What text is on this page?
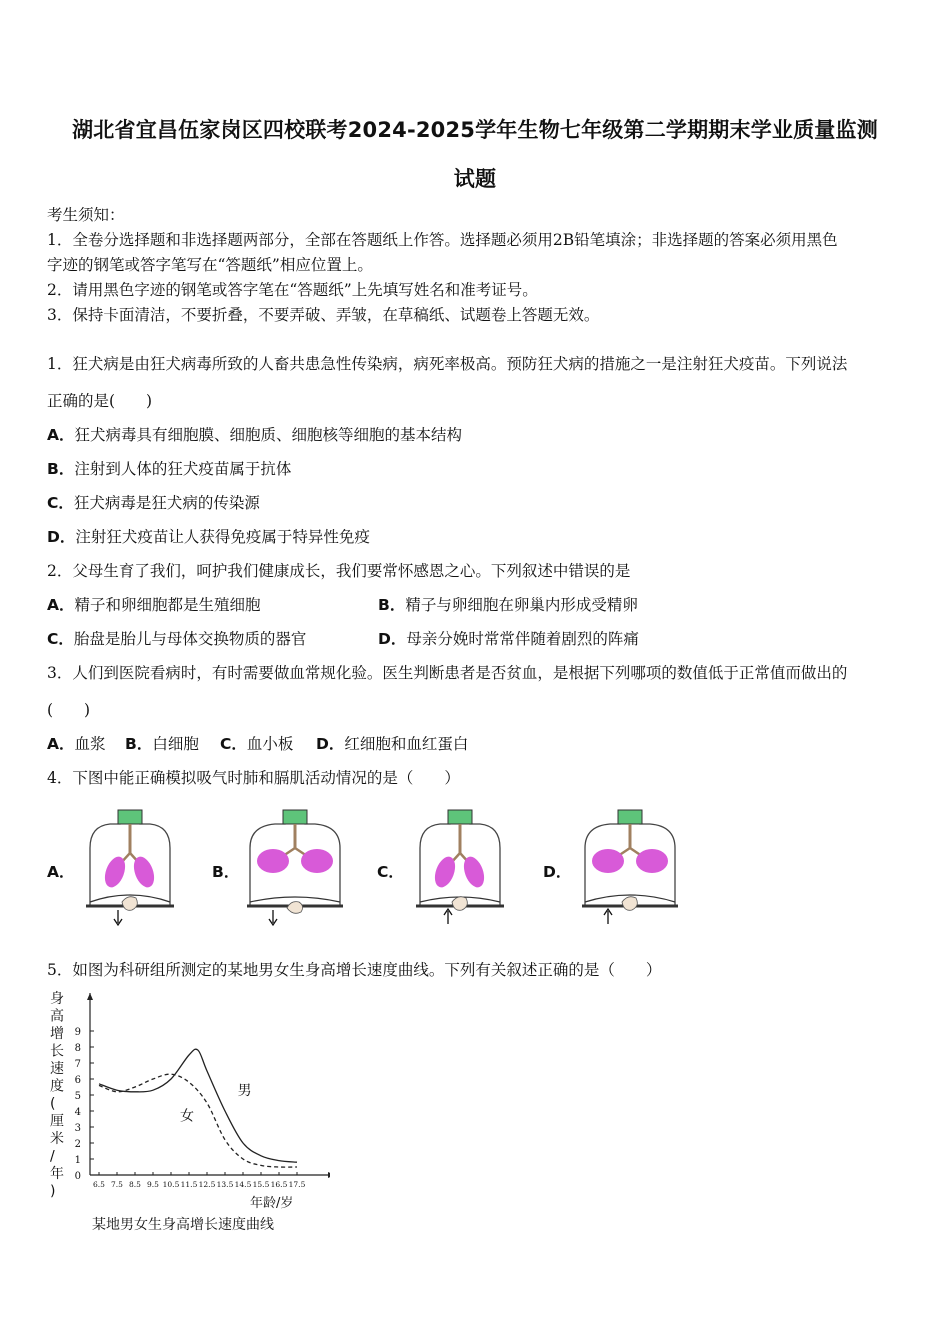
湖北省宜昌伍家岗区四校联考2024-2025学年生物七年级第二学期期末学业质量监测
试题
考生须知：
1．全卷分选择题和非选择题两部分，全部在答题纸上作答。选择题必须用2B铅笔填涂；非选择题的答案必须用黑色
字迹的钢笔或答字笔写在“答题纸”相应位置上。
2．请用黑色字迹的钢笔或答字笔在“答题纸”上先填写姓名和准考证号。
3．保持卡面清洁，不要折叠，不要弄破、弄皱，在草稿纸、试题卷上答题无效。
1．狂犬病是由狂犬病毒所致的人畜共患急性传染病，病死率极高。预防狂犬病的措施之一是注射狂犬疫苗。下列说法
正确的是(　　)
A．狂犬病毒具有细胞膜、细胞质、细胞核等细胞的基本结构
B．注射到人体的狂犬疫苗属于抗体
C．狂犬病毒是狂犬病的传染源
D．注射狂犬疫苗让人获得免疫属于特异性免疫
2．父母生育了我们，呵护我们健康成长，我们要常怀感恩之心。下列叙述中错误的是
A．精子和卵细胞都是生殖细胞	B．精子与卵细胞在卵巢内形成受精卵
C．胎盘是胎儿与母体交换物质的器官	D．母亲分娩时常常伴随着剧烈的阵痛
3．人们到医院看病时，有时需要做血常规化验。医生判断患者是否贫血，是根据下列哪项的数值低于正常值而做出的
(　　)
A．血浆 B．白细胞 C．血小板 D．红细胞和血红蛋白
4．下图中能正确模拟吸气时肺和膈肌活动情况的是（　　）
A．	B．	C．	D．
5．如图为科研组所测定的某地男女生身高增长速度曲线。下列有关叙述正确的是（　　）
身
高
增
长
速
度
(
厘
米
/
年
)
0
1
2
3
4
5
6
7
8
9
6.5 7.5 8.5 9.5 10.5 11.5 12.5 13.5 14.5 15.5 16.5 17.5
男
女
年龄/岁
某地男女生身高增长速度曲线
